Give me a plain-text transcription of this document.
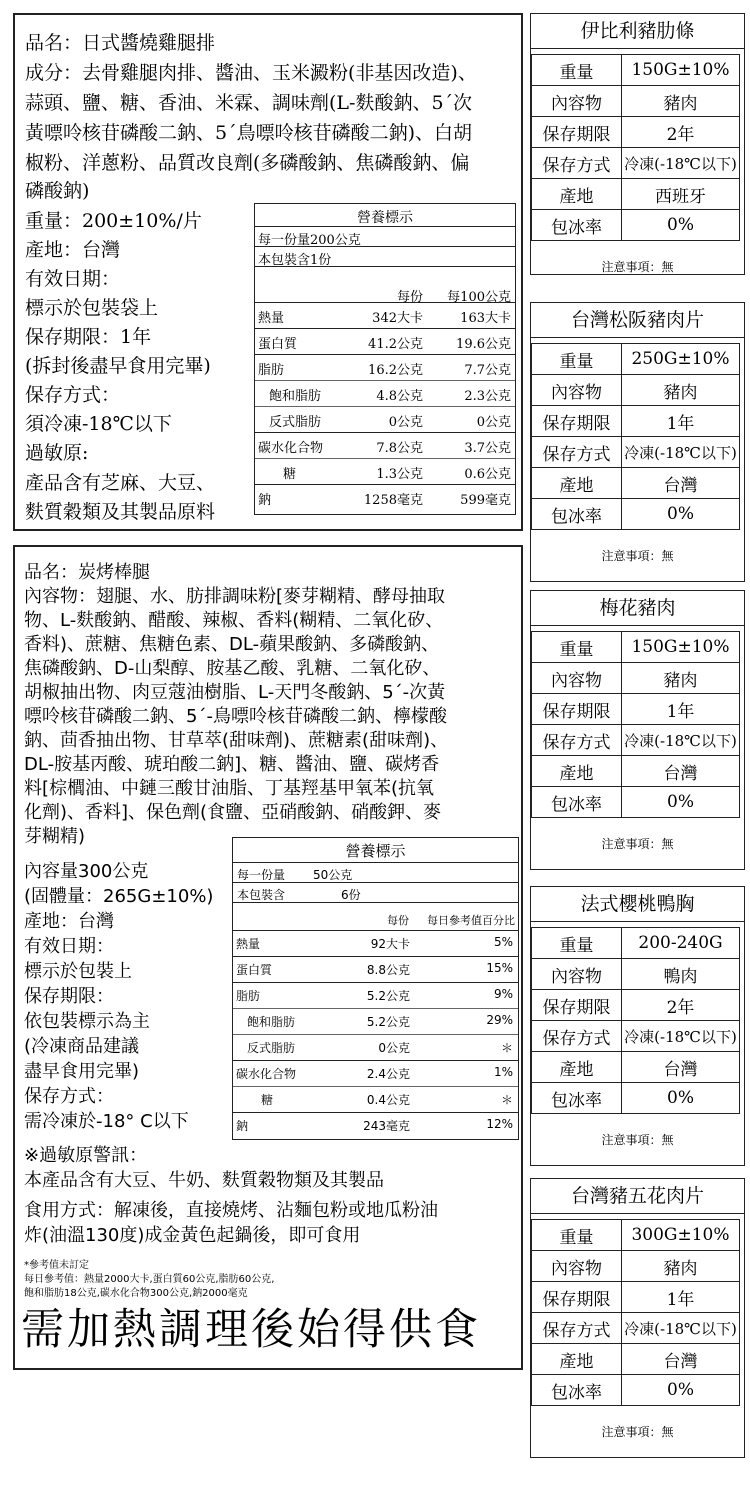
品名：日式醬燒雞腿排
成分：去骨雞腿肉排、醬油、玉米澱粉(非基因改造)、
蒜頭、鹽、糖、香油、米霖、調味劑(L-麩酸鈉、5ˊ次
黃嘌呤核苷磷酸二鈉、5ˊ鳥嘌呤核苷磷酸二鈉)、白胡
椒粉、洋蔥粉、品質改良劑(多磷酸鈉、焦磷酸鈉、偏
磷酸鈉)
重量：200±10%/片
產地：台灣
有效日期：
標示於包裝袋上
保存期限：1年
(拆封後盡早食用完畢)
保存方式：
須冷凍-18℃以下
過敏原:
產品含有芝麻、大豆、
麩質穀類及其製品原料
營養標示
每一份量200公克
本包裝含1份
每份	每100公克
熱量	342大卡	163大卡
蛋白質	41.2公克	19.6公克
脂肪	16.2公克	7.7公克
飽和脂肪	4.8公克	2.3公克
反式脂肪	0公克	0公克
碳水化合物	7.8公克	3.7公克
糖	1.3公克	0.6公克
鈉	1258毫克	599毫克
品名：炭烤棒腿
內容物：翅腿、水、肪排調味粉[麥芽糊精、酵母抽取
物、L-麩酸鈉、醋酸、辣椒、香料(糊精、二氧化矽、
香料)、蔗糖、焦糖色素、DL-蘋果酸鈉、多磷酸鈉、
焦磷酸鈉、D-山梨醇、胺基乙酸、乳糖、二氧化矽、
胡椒抽出物、肉豆蔻油樹脂、L-天門冬酸鈉、5ˊ-次黃
嘌呤核苷磷酸二鈉、5ˊ-鳥嘌呤核苷磷酸二鈉、檸檬酸
鈉、茴香抽出物、甘草萃(甜味劑)、蔗糖素(甜味劑)、
DL-胺基丙酸、琥珀酸二鈉]、糖、醬油、鹽、碳烤香
料[棕櫚油、中鏈三酸甘油脂、丁基羥基甲氧苯(抗氧
化劑)、香料]、保色劑(食鹽、亞硝酸鈉、硝酸鉀、麥
芽糊精)
內容量300公克
(固體量：265G±10%)
產地：台灣
有效日期：
標示於包裝上
保存期限：
依包裝標示為主
(冷凍商品建議
盡早食用完畢)
保存方式：
需冷凍於-18° C以下
營養標示
每一份量 50公克
本包裝含	6份
每份	每日參考值百分比
熱量	92大卡	5%
蛋白質	8.8公克	15%
脂肪	5.2公克	9%
飽和脂肪	5.2公克	29%
反式脂肪	0公克	＊
碳水化合物	2.4公克	1%
糖	0.4公克	＊
鈉	243毫克	12%
※過敏原警訊：
本產品含有大豆、牛奶、麩質穀物類及其製品
食用方式：解凍後，直接燒烤、沾麵包粉或地瓜粉油
炸(油溫130度)成金黃色起鍋後，即可食用
*參考值未訂定
每日參考值：熱量2000大卡,蛋白質60公克,脂肪60公克,
飽和脂肪18公克,碳水化合物300公克,鈉2000毫克
需加熱調理後始得供食
伊比利豬肋條
重量	150G±10%
內容物	豬肉
保存期限	2年
保存方式	冷凍(-18℃以下)
產地	西班牙
包冰率	0%
注意事項：無
台灣松阪豬肉片
重量	250G±10%
內容物	豬肉
保存期限	1年
保存方式	冷凍(-18℃以下)
產地	台灣
包冰率	0%
注意事項：無
梅花豬肉
重量	150G±10%
內容物	豬肉
保存期限	1年
保存方式	冷凍(-18℃以下)
產地	台灣
包冰率	0%
注意事項：無
法式櫻桃鴨胸
重量	200-240G
內容物	鴨肉
保存期限	2年
保存方式	冷凍(-18℃以下)
產地	台灣
包冰率	0%
注意事項：無
台灣豬五花肉片
重量	300G±10%
內容物	豬肉
保存期限	1年
保存方式	冷凍(-18℃以下)
產地	台灣
包冰率	0%
注意事項：無
